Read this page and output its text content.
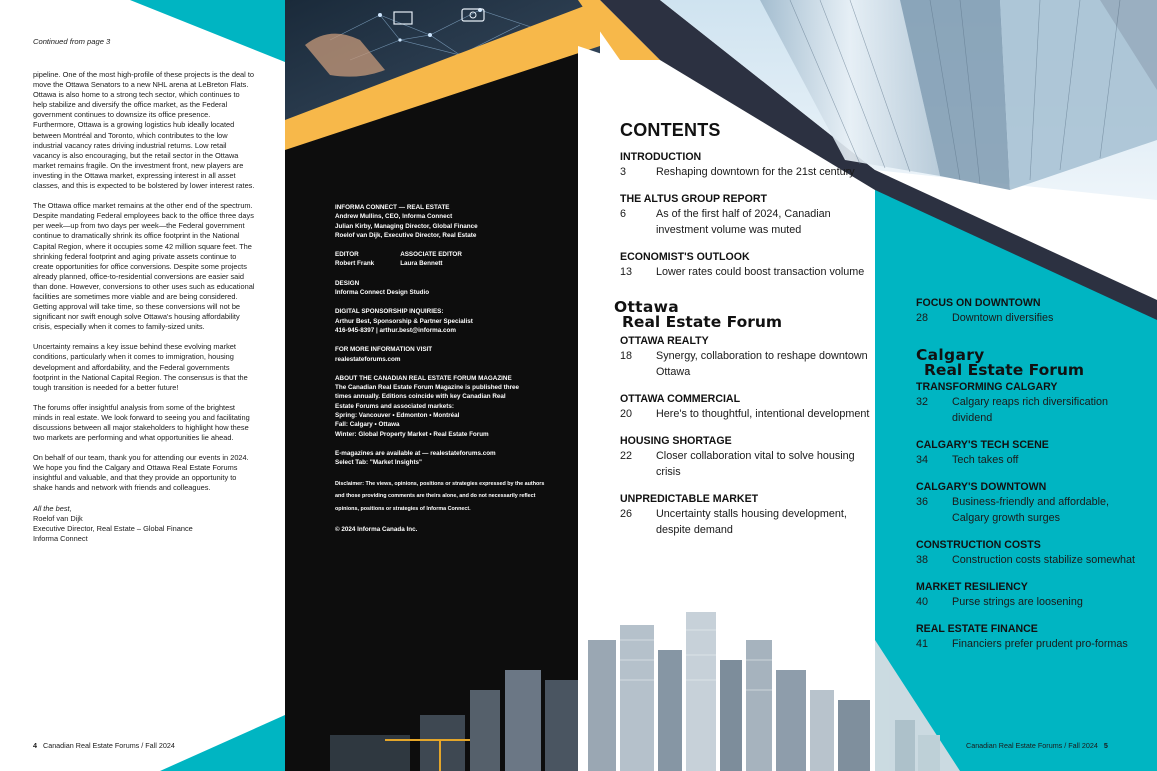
Continued from page 3

pipeline. One of the most high-profile of these projects is the deal to move the Ottawa Senators to a new NHL arena at LeBreton Flats. Ottawa is also home to a strong tech sector, which continues to help stabilize and diversify the office market, as the Federal government continues to downsize its office presence. Furthermore, Ottawa is a growing logistics hub ideally located between Montréal and Toronto, which contributes to the low industrial vacancy rates driving industrial returns. Low retail vacancy is also encouraging, but the retail sector in the Ottawa market remains fragile. On the investment front, new players are investing in the Ottawa market, expressing interest in all asset classes, and this is expected to be bolstered by lower interest rates.

The Ottawa office market remains at the other end of the spectrum. Despite mandating Federal employees back to the office three days per week—up from two days per week—the Federal government continue to dramatically shrink its office footprint in the National Capital Region, where it occupies some 42 million square feet. The shrinking federal footprint and aging private assets continue to create opportunities for office conversions. Despite some projects already planned, office-to-residential conversions are easier said than done. However, conversions to other uses such as educational facilities are sometimes more viable and are being considered. Getting approval will take time, so these conversions will not be significant nor swift enough solve Ottawa's housing affordability crisis, especially when it comes to family-sized units.

Uncertainty remains a key issue behind these evolving market conditions, particularly when it comes to immigration, housing development and affordability, and the Federal governments footprint in the National Capital Region. The consensus is that the tough transition is needed for a better future!

The forums offer insightful analysis from some of the brightest minds in real estate. We look forward to seeing you and facilitating discussions between all major stakeholders to highlight how these two markets are performing and what opportunities lie ahead.

On behalf of our team, thank you for attending our events in 2024. We hope you find the Calgary and Ottawa Real Estate Forums insightful and valuable, and that they provide an opportunity to shake hands and network with friends and colleagues.

All the best,
Roelof van Dijk
Executive Director, Real Estate – Global Finance
Informa Connect
4 Canadian Real Estate Forums / Fall 2024
INFORMA CONNECT — REAL ESTATE
Andrew Mullins, CEO, Informa Connect
Julian Kirby, Managing Director, Global Finance
Roelof van Dijk, Executive Director, Real Estate
EDITOR
Robert Frank
ASSOCIATE EDITOR
Laura Bennett
DESIGN
Informa Connect Design Studio
DIGITAL SPONSORSHIP INQUIRIES:
Arthur Best, Sponsorship & Partner Specialist
416-945-8397 | arthur.best@informa.com
FOR MORE INFORMATION VISIT
realestateforums.com
ABOUT THE CANADIAN REAL ESTATE FORUM MAGAZINE
The Canadian Real Estate Forum Magazine is published three
times annually. Editions coincide with key Canadian Real
Estate Forums and associated markets:
Spring: Vancouver • Edmonton • Montréal
Fall: Calgary • Ottawa
Winter: Global Property Market • Real Estate Forum
E-magazines are available at — realestateforums.com
Select Tab: "Market Insights"
Disclaimer: The views, opinions, positions or strategies expressed by the authors and those providing comments are theirs alone, and do not necessarily reflect opinions, positions or strategies of Informa Connect.
© 2024 Informa Canada Inc.
CONTENTS
INTRODUCTION
3	Reshaping downtown for the 21st century
THE ALTUS GROUP REPORT
6	As of the first half of 2024, Canadian investment volume was muted
ECONOMIST'S OUTLOOK
13	Lower rates could boost transaction volume
Ottawa
Real Estate Forum
OTTAWA REALTY
18	Synergy, collaboration to reshape downtown Ottawa
OTTAWA COMMERCIAL
20	Here's to thoughtful, intentional development
HOUSING SHORTAGE
22	Closer collaboration vital to solve housing crisis
UNPREDICTABLE MARKET
26	Uncertainty stalls housing development, despite demand
FOCUS ON DOWNTOWN
28	Downtown diversifies
Calgary
Real Estate Forum
TRANSFORMING CALGARY
32	Calgary reaps rich diversification dividend
CALGARY'S TECH SCENE
34	Tech takes off
CALGARY'S DOWNTOWN
36	Business-friendly and affordable, Calgary growth surges
CONSTRUCTION COSTS
38	Construction costs stabilize somewhat
MARKET RESILIENCY
40	Purse strings are loosening
REAL ESTATE FINANCE
41	Financiers prefer prudent pro-formas
Canadian Real Estate Forums / Fall 2024 5
